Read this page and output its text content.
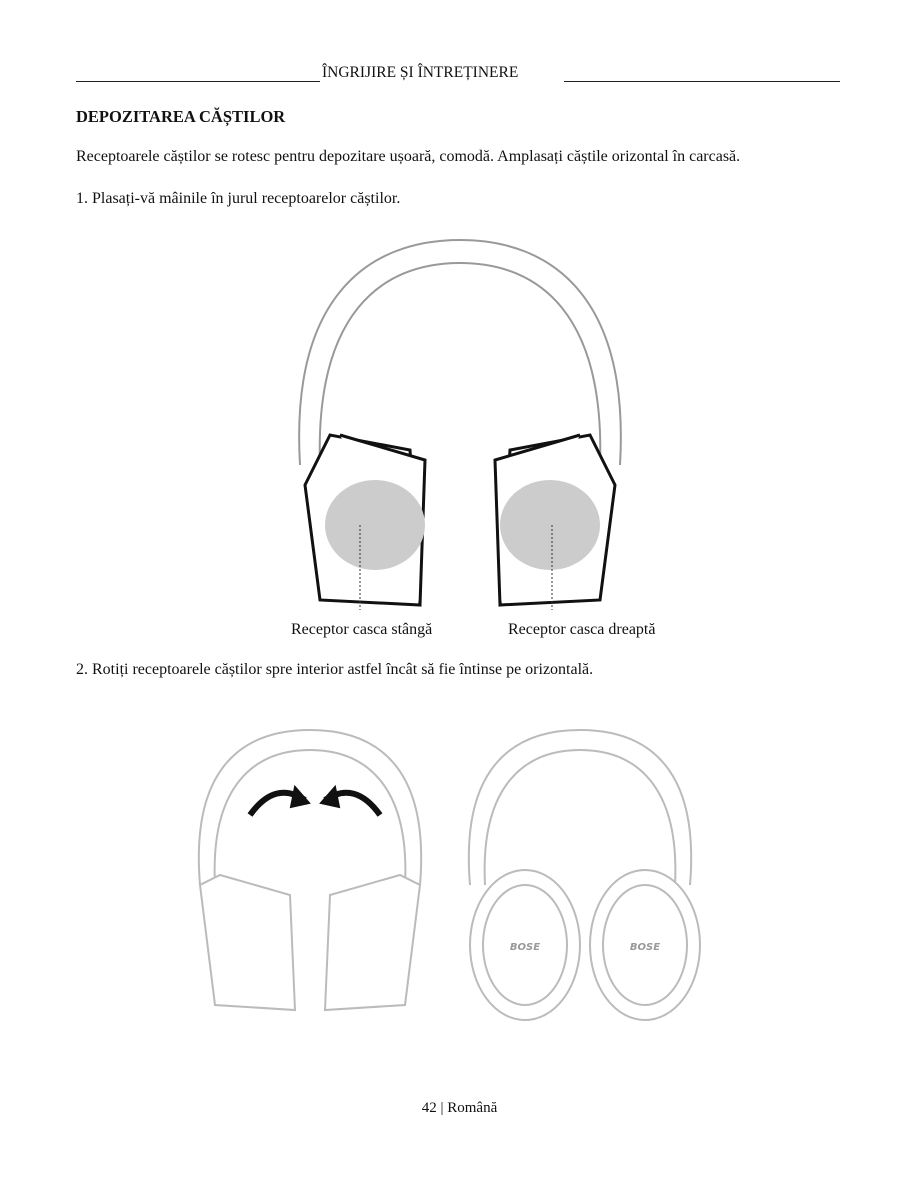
ÎNGRIJIRE ȘI ÎNTREȚINERE
DEPOZITAREA CĂȘTILOR
Receptoarele căștilor se rotesc pentru depozitare ușoară, comodă. Amplasați căștile orizontal în carcasă.
1. Plasați-vă mâinile în jurul receptoarelor căștilor.
Receptor casca stângă	Receptor casca dreaptă
2. Rotiți receptoarele căștilor spre interior astfel încât să fie întinse pe orizontală.
BOSE	BOSE
42 | Română
